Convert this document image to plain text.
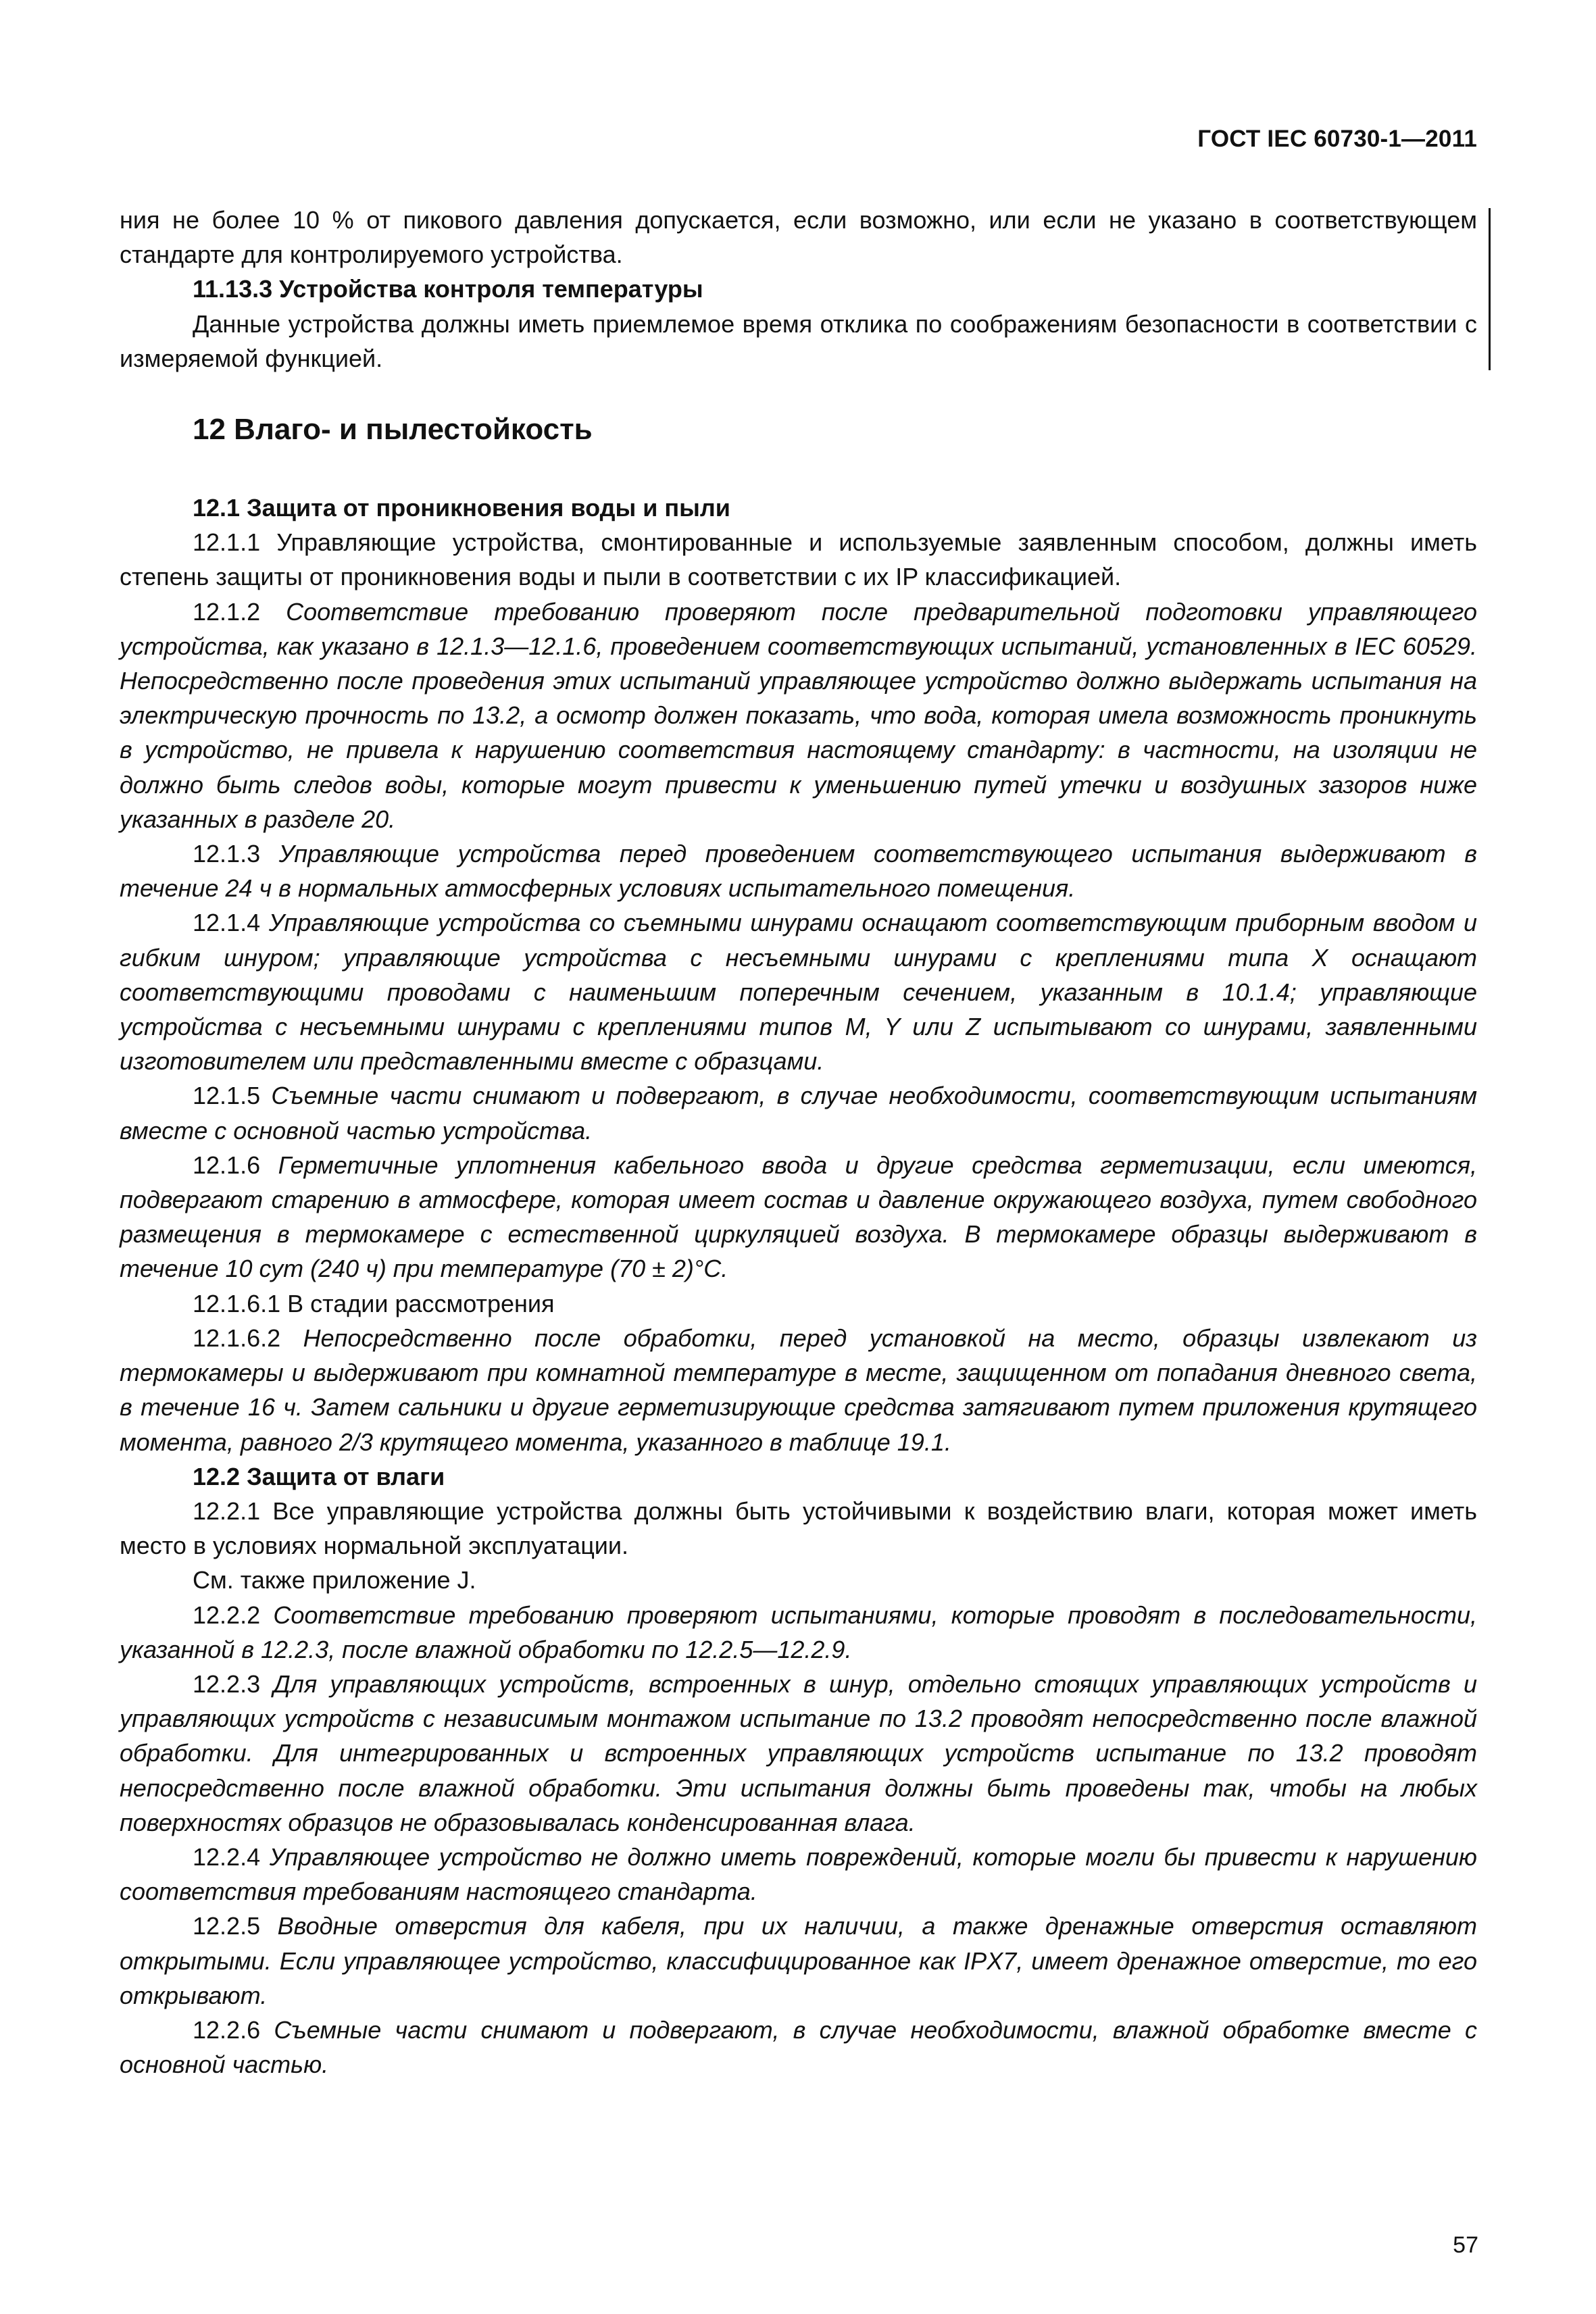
ГОСТ IEC 60730-1—2011

ния не более 10 % от пикового давления допускается, если возможно, или если не указано в соответствующем стандарте для контролируемого устройства.

11.13.3 Устройства контроля температуры

Данные устройства должны иметь приемлемое время отклика по соображениям безопасности в соответствии с измеряемой функцией.

12 Влаго- и пылестойкость

12.1 Защита от проникновения воды и пыли

12.1.1 Управляющие устройства, смонтированные и используемые заявленным способом, должны иметь степень защиты от проникновения воды и пыли в соответствии с их IP классификацией.

12.1.2 Соответствие требованию проверяют после предварительной подготовки управляющего устройства, как указано в 12.1.3—12.1.6, проведением соответствующих испытаний, установленных в IEC 60529. Непосредственно после проведения этих испытаний управляющее устройство должно выдержать испытания на электрическую прочность по 13.2, а осмотр должен показать, что вода, которая имела возможность проникнуть в устройство, не привела к нарушению соответствия настоящему стандарту: в частности, на изоляции не должно быть следов воды, которые могут привести к уменьшению путей утечки и воздушных зазоров ниже указанных в разделе 20.

12.1.3 Управляющие устройства перед проведением соответствующего испытания выдерживают в течение 24 ч в нормальных атмосферных условиях испытательного помещения.

12.1.4 Управляющие устройства со съемными шнурами оснащают соответствующим приборным вводом и гибким шнуром; управляющие устройства с несъемными шнурами с креплениями типа X оснащают соответствующими проводами с наименьшим поперечным сечением, указанным в 10.1.4; управляющие устройства с несъемными шнурами с креплениями типов M, Y или Z испытывают со шнурами, заявленными изготовителем или представленными вместе с образцами.

12.1.5 Съемные части снимают и подвергают, в случае необходимости, соответствующим испытаниям вместе с основной частью устройства.

12.1.6 Герметичные уплотнения кабельного ввода и другие средства герметизации, если имеются, подвергают старению в атмосфере, которая имеет состав и давление окружающего воздуха, путем свободного размещения в термокамере с естественной циркуляцией воздуха. В термокамере образцы выдерживают в течение 10 сут (240 ч) при температуре (70 ± 2)°С.

12.1.6.1 В стадии рассмотрения

12.1.6.2 Непосредственно после обработки, перед установкой на место, образцы извлекают из термокамеры и выдерживают при комнатной температуре в месте, защищенном от попадания дневного света, в течение 16 ч. Затем сальники и другие герметизирующие средства затягивают путем приложения крутящего момента, равного 2/3 крутящего момента, указанного в таблице 19.1.

12.2 Защита от влаги

12.2.1 Все управляющие устройства должны быть устойчивыми к воздействию влаги, которая может иметь место в условиях нормальной эксплуатации.

См. также приложение J.

12.2.2 Соответствие требованию проверяют испытаниями, которые проводят в последовательности, указанной в 12.2.3, после влажной обработки по 12.2.5—12.2.9.

12.2.3 Для управляющих устройств, встроенных в шнур, отдельно стоящих управляющих устройств и управляющих устройств с независимым монтажом испытание по 13.2 проводят непосредственно после влажной обработки. Для интегрированных и встроенных управляющих устройств испытание по 13.2 проводят непосредственно после влажной обработки. Эти испытания должны быть проведены так, чтобы на любых поверхностях образцов не образовывалась конденсированная влага.

12.2.4 Управляющее устройство не должно иметь повреждений, которые могли бы привести к нарушению соответствия требованиям настоящего стандарта.

12.2.5 Вводные отверстия для кабеля, при их наличии, а также дренажные отверстия оставляют открытыми. Если управляющее устройство, классифицированное как IPX7, имеет дренажное отверстие, то его открывают.

12.2.6 Съемные части снимают и подвергают, в случае необходимости, влажной обработке вместе с основной частью.

57
